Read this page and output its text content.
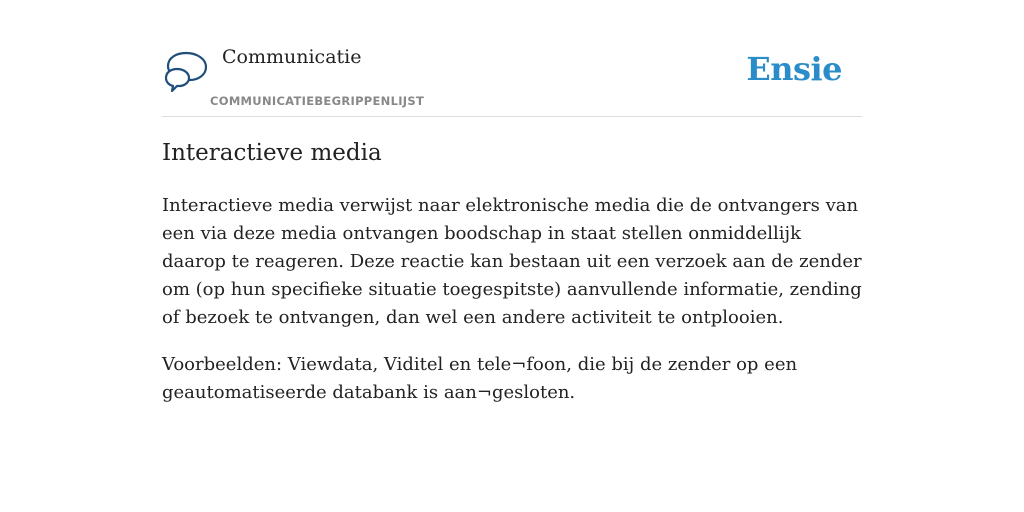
Communicatie
COMMUNICATIEBEGRIPPENLIJST
Ensie
Interactieve media

Interactieve media verwijst naar elektronische media die de ontvangers van een via deze media ontvangen boodschap in staat stellen onmiddellijk daarop te reageren. Deze reactie kan bestaan uit een verzoek aan de zender om (op hun specifieke situatie toegespitste) aanvullende informatie, zending of bezoek te ontvangen, dan wel een andere activiteit te ontplooien.

Voorbeelden: Viewdata, Viditel en tele¬foon, die bij de zender op een geautomatiseerde databank is aan¬gesloten.
